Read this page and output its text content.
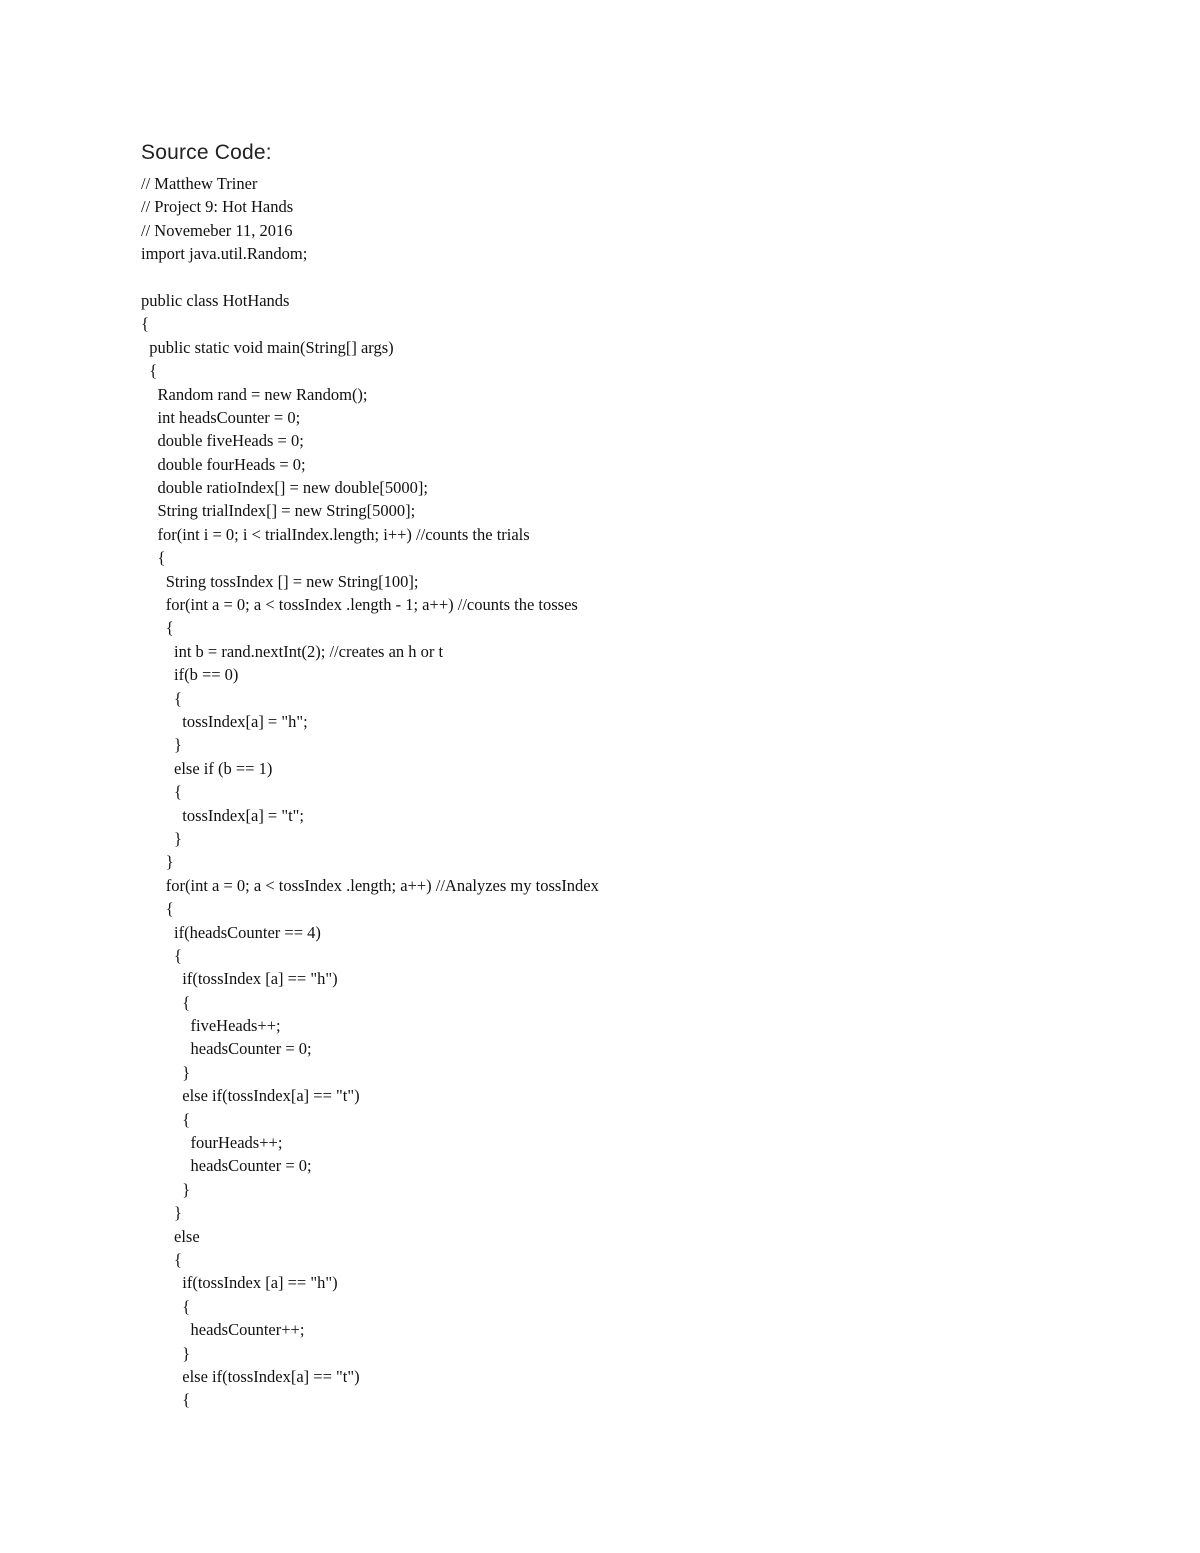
Source Code:
// Matthew Triner
// Project 9: Hot Hands
// Novemeber 11, 2016
import java.util.Random;

public class HotHands
{
public static void main(String[] args)
{
Random rand = new Random();
int headsCounter = 0;
double fiveHeads = 0;
double fourHeads = 0;
double ratioIndex[] = new double[5000];
String trialIndex[] = new String[5000];
for(int i = 0; i < trialIndex.length; i++) //counts the trials
{
String tossIndex [] = new String[100];
for(int a = 0; a < tossIndex .length - 1; a++) //counts the tosses
{
int b = rand.nextInt(2); //creates an h or t
if(b == 0)
{
tossIndex[a] = "h";
}
else if (b == 1)
{
tossIndex[a] = "t";
}
}
for(int a = 0; a < tossIndex .length; a++) //Analyzes my tossIndex
{
if(headsCounter == 4)
{
if(tossIndex [a] == "h")
{
fiveHeads++;
headsCounter = 0;
}
else if(tossIndex[a] == "t")
{
fourHeads++;
headsCounter = 0;
}
}
else
{
if(tossIndex [a] == "h")
{
headsCounter++;
}
else if(tossIndex[a] == "t")
{
